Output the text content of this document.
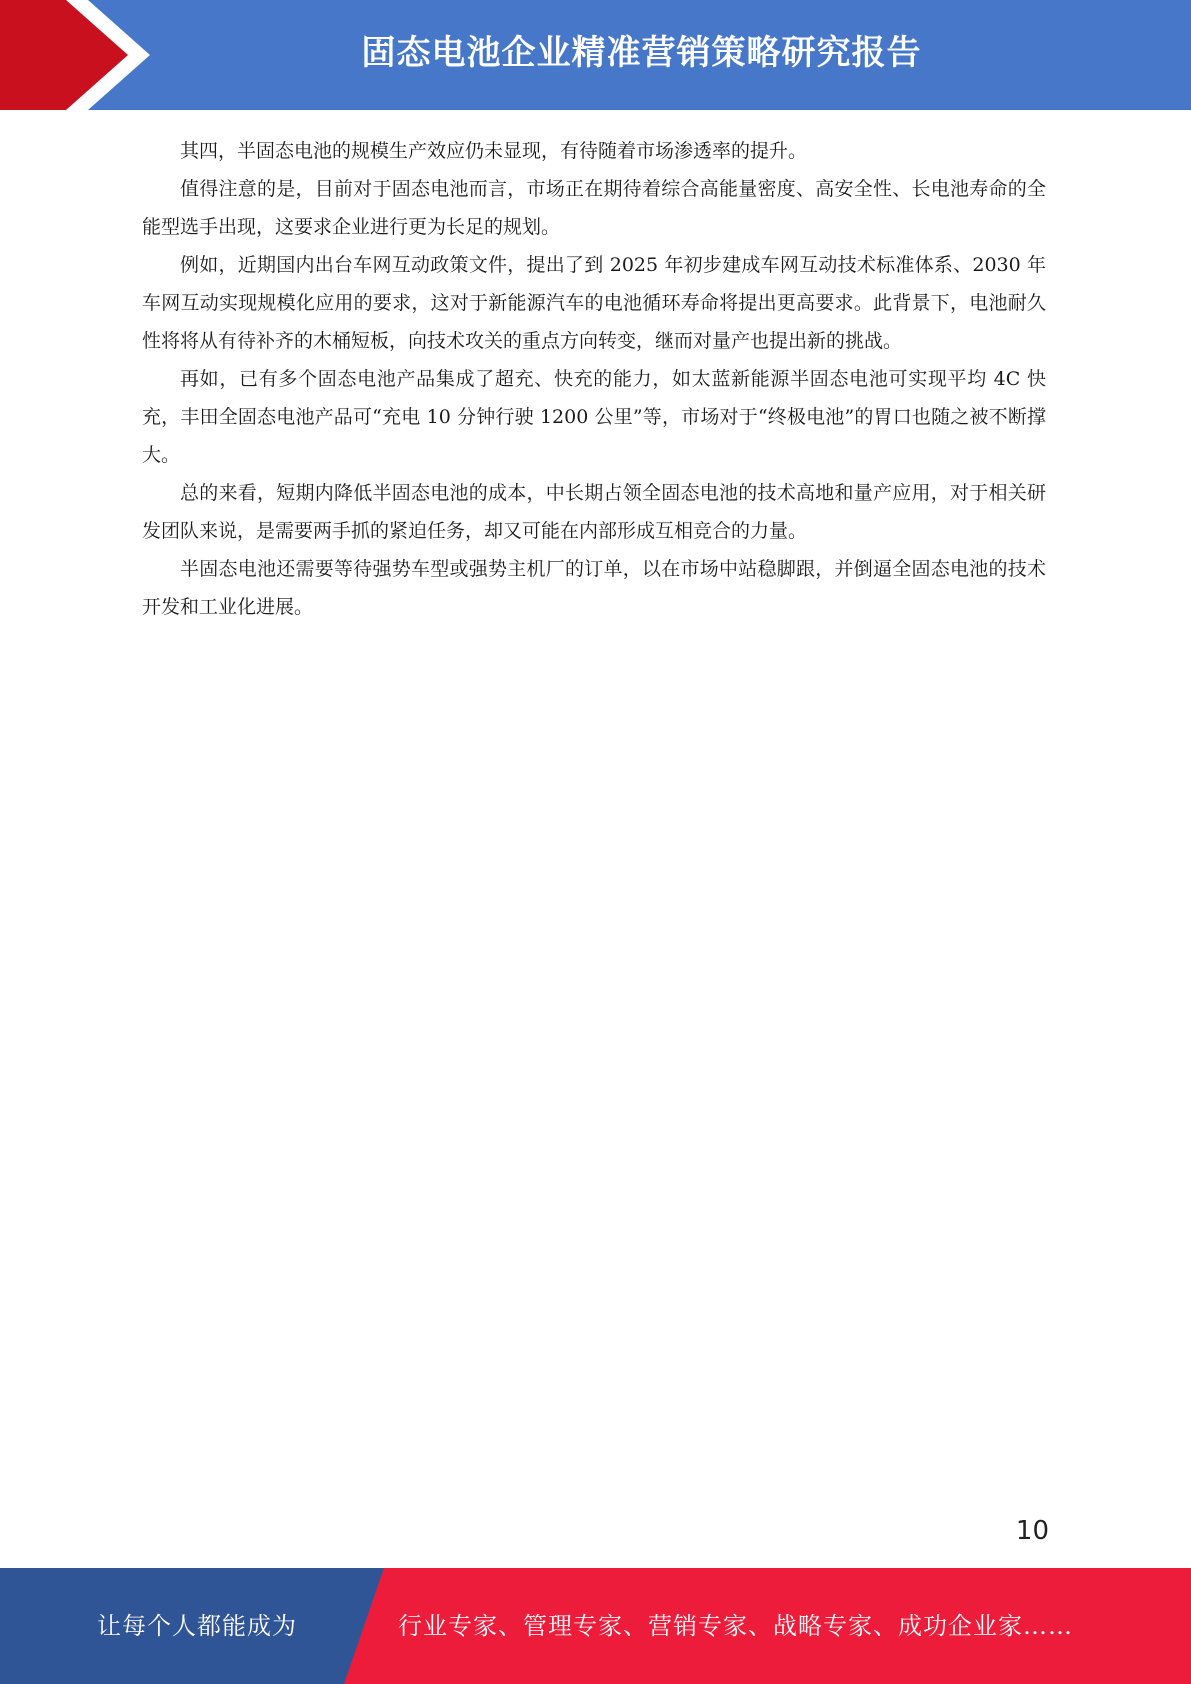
固态电池企业精准营销策略研究报告

其四，半固态电池的规模生产效应仍未显现，有待随着市场渗透率的提升。

值得注意的是，目前对于固态电池而言，市场正在期待着综合高能量密度、高安全性、长电池寿命的全能型选手出现，这要求企业进行更为长足的规划。

例如，近期国内出台车网互动政策文件，提出了到 2025 年初步建成车网互动技术标准体系、2030 年车网互动实现规模化应用的要求，这对于新能源汽车的电池循环寿命将提出更高要求。此背景下，电池耐久性将将从有待补齐的木桶短板，向技术攻关的重点方向转变，继而对量产也提出新的挑战。

再如，已有多个固态电池产品集成了超充、快充的能力，如太蓝新能源半固态电池可实现平均 4C 快充，丰田全固态电池产品可“充电 10 分钟行驶 1200 公里”等，市场对于“终极电池”的胃口也随之被不断撑大。

总的来看，短期内降低半固态电池的成本，中长期占领全固态电池的技术高地和量产应用，对于相关研发团队来说，是需要两手抓的紧迫任务，却又可能在内部形成互相竞合的力量。

半固态电池还需要等待强势车型或强势主机厂的订单，以在市场中站稳脚跟，并倒逼全固态电池的技术开发和工业化进展。

10
让每个人都能成为	行业专家、管理专家、营销专家、战略专家、成功企业家……
